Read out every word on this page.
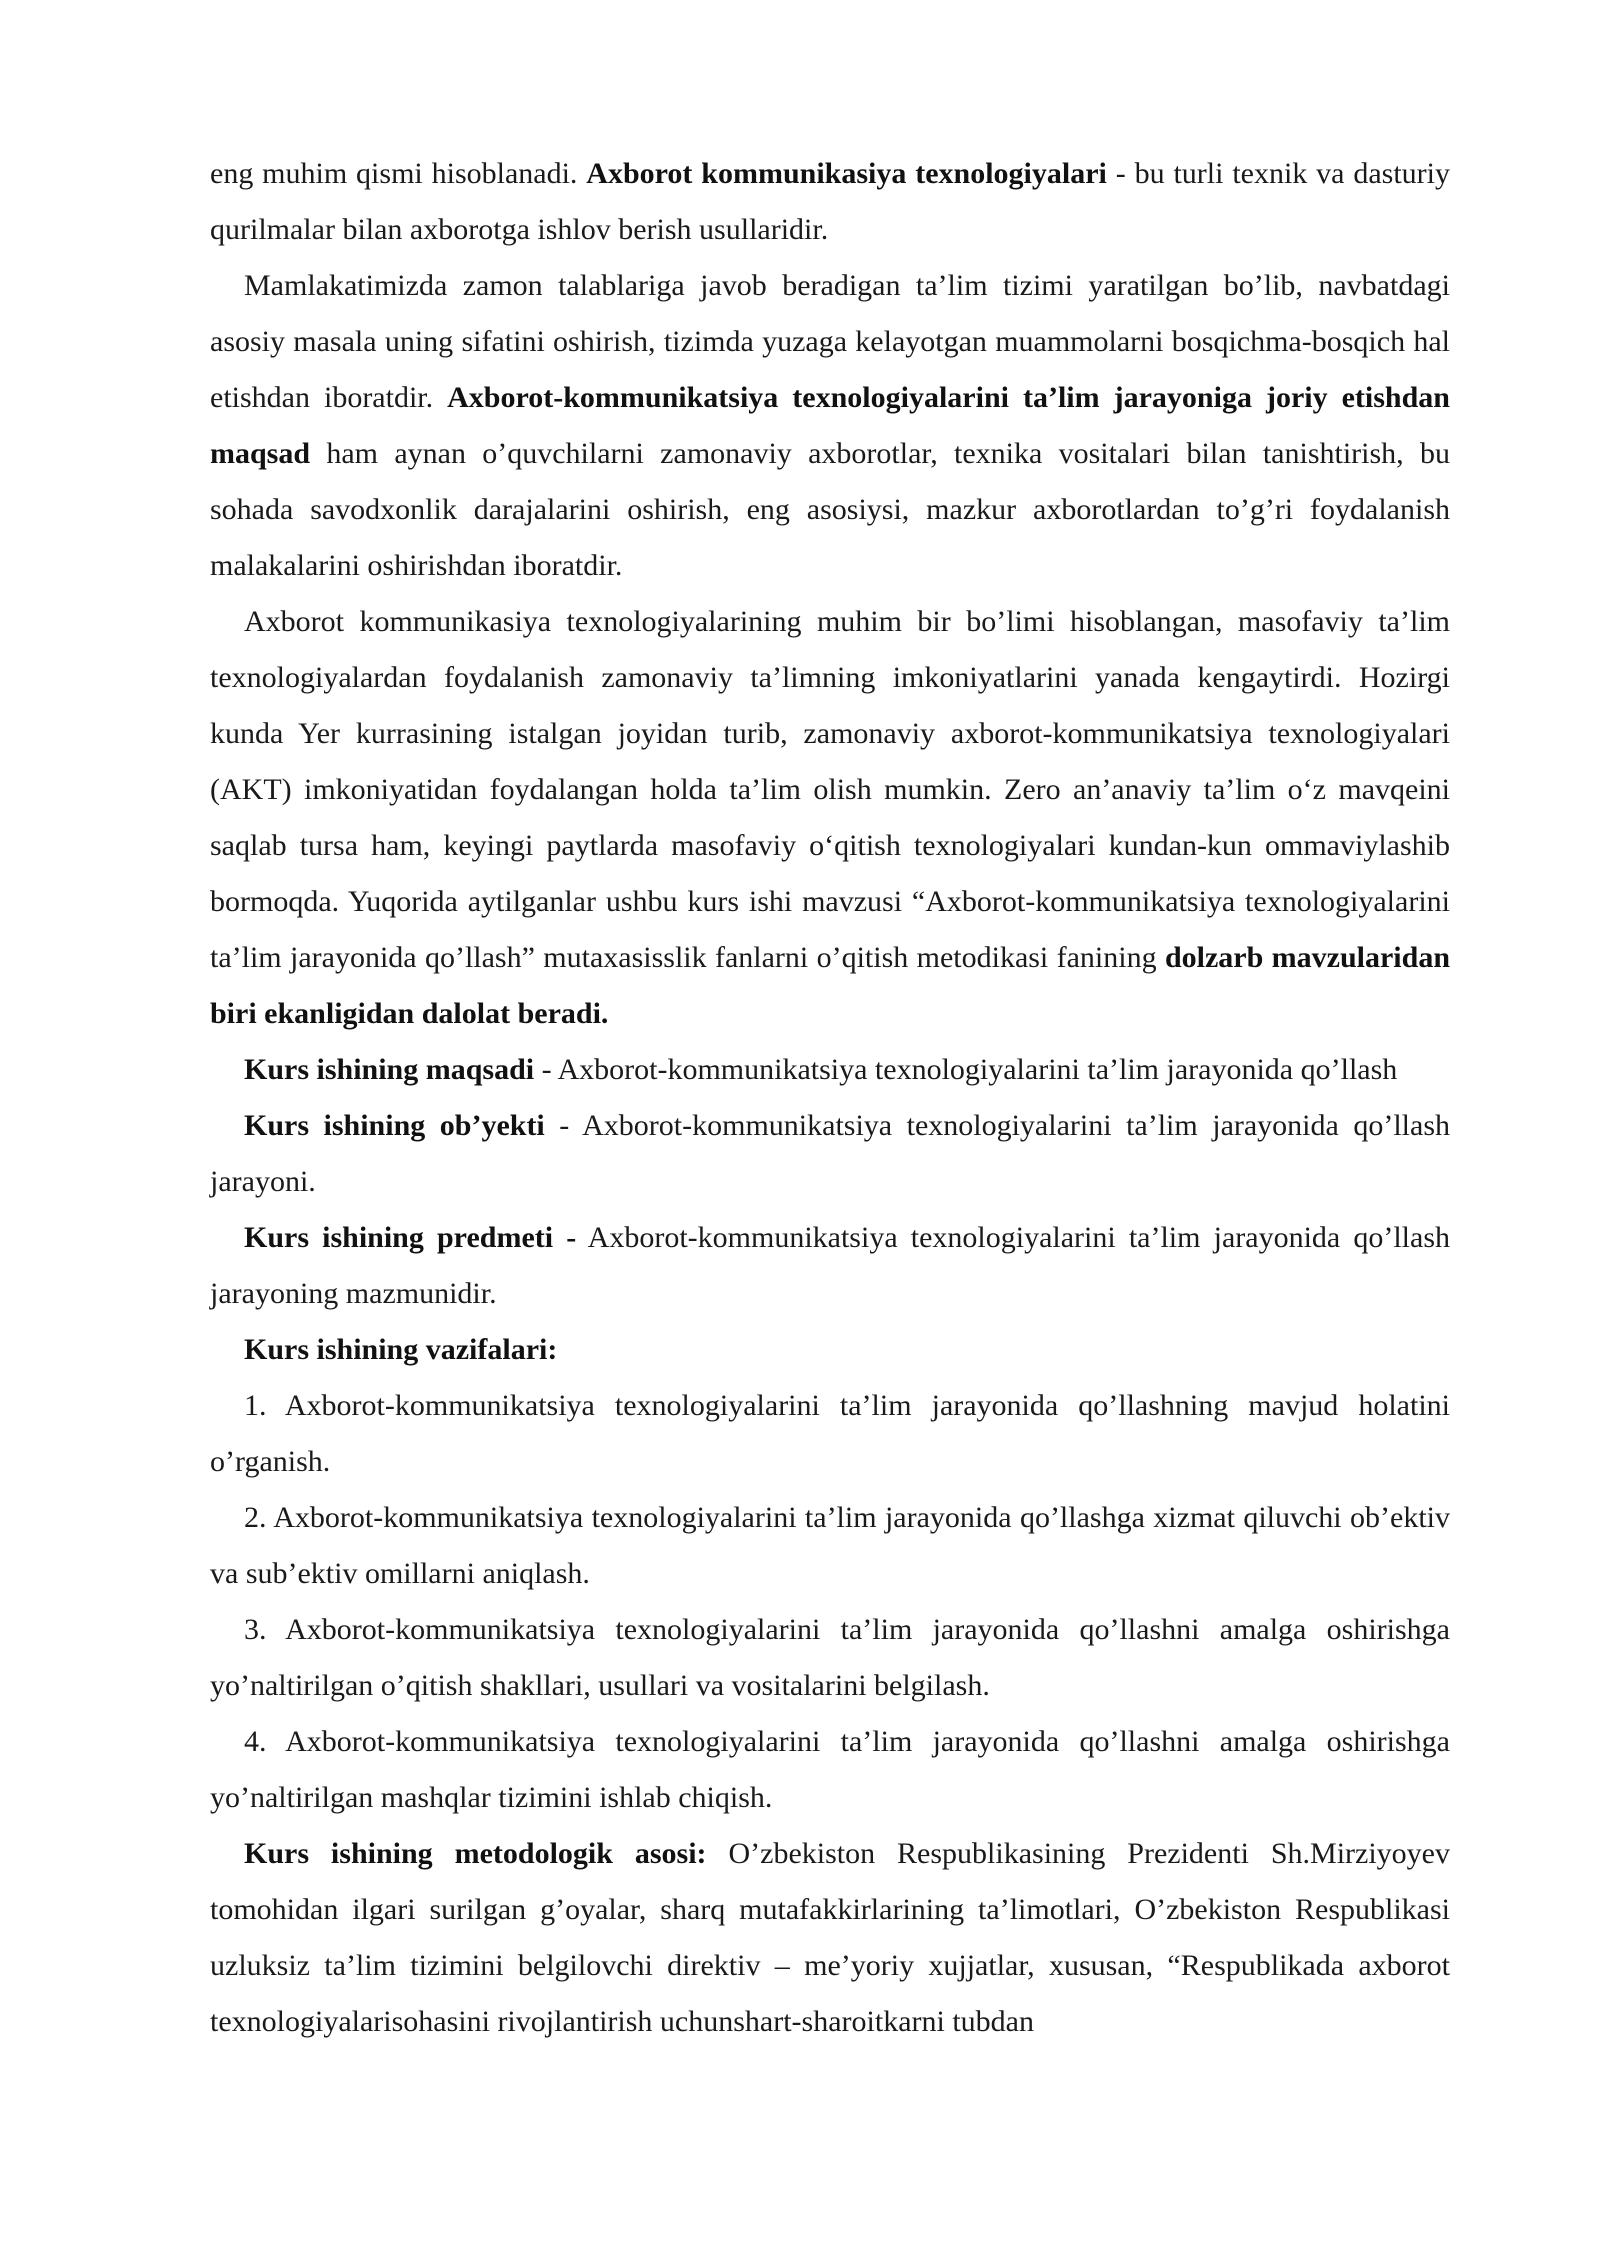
eng muhim qismi hisoblanadi. Axborot kommunikasiya texnologiyalari - bu turli texnik va dasturiy qurilmalar bilan axborotga ishlov berish usullaridir.

Mamlakatimizda zamon talablariga javob beradigan ta’lim tizimi yaratilgan bo’lib, navbatdagi asosiy masala uning sifatini oshirish, tizimda yuzaga kelayotgan muammolarni bosqichma-bosqich hal etishdan iboratdir. Axborot-kommunikatsiya texnologiyalarini ta’lim jarayoniga joriy etishdan maqsad ham aynan o’quvchilarni zamonaviy axborotlar, texnika vositalari bilan tanishtirish, bu sohada savodxonlik darajalarini oshirish, eng asosiysi, mazkur axborotlardan to’g’ri foydalanish malakalarini oshirishdan iboratdir.

Axborot kommunikasiya texnologiyalarining muhim bir bo’limi hisoblangan, masofaviy ta’lim texnologiyalardan foydalanish zamonaviy ta’limning imkoniyatlarini yanada kengaytirdi. Hozirgi kunda Yer kurrasining istalgan joyidan turib, zamonaviy axborot-kommunikatsiya texnologiyalari (AKT) imkoniyatidan foydalangan holda ta’lim olish mumkin. Zero an’anaviy ta’lim o‘z mavqeini saqlab tursa ham, keyingi paytlarda masofaviy o‘qitish texnologiyalari kundan-kun ommaviylashib bormoqda. Yuqorida aytilganlar ushbu kurs ishi mavzusi “Axborot-kommunikatsiya texnologiyalarini ta’lim jarayonida qo’llash” mutaxasisslik fanlarni o’qitish metodikasi fanining dolzarb mavzularidan biri ekanligidan dalolat beradi.

Kurs ishining maqsadi - Axborot-kommunikatsiya texnologiyalarini ta’lim jarayonida qo’llash

Kurs ishining ob’yekti - Axborot-kommunikatsiya texnologiyalarini ta’lim jarayonida qo’llash jarayoni.

Kurs ishining predmeti - Axborot-kommunikatsiya texnologiyalarini ta’lim jarayonida qo’llash jarayoning mazmunidir.

Kurs ishining vazifalari:

1. Axborot-kommunikatsiya texnologiyalarini ta’lim jarayonida qo’llashning mavjud holatini o’rganish.

2. Axborot-kommunikatsiya texnologiyalarini ta’lim jarayonida qo’llashga xizmat qiluvchi ob’ektiv va sub’ektiv omillarni aniqlash.

3. Axborot-kommunikatsiya texnologiyalarini ta’lim jarayonida qo’llashni amalga oshirishga yo’naltirilgan o’qitish shakllari, usullari va vositalarini belgilash.

4. Axborot-kommunikatsiya texnologiyalarini ta’lim jarayonida qo’llashni amalga oshirishga yo’naltirilgan mashqlar tizimini ishlab chiqish.

Kurs ishining metodologik asosi: O’zbekiston Respublikasining Prezidenti Sh.Mirziyoyev tomohidan ilgari surilgan g’oyalar, sharq mutafakkirlarining ta’limotlari, O’zbekiston Respublikasi uzluksiz ta’lim tizimini belgilovchi direktiv – me’yoriy xujjatlar, xususan, “Respublikada axborot texnologiyalarisohasini rivojlantirish uchunshart-sharoitkarni tubdan
